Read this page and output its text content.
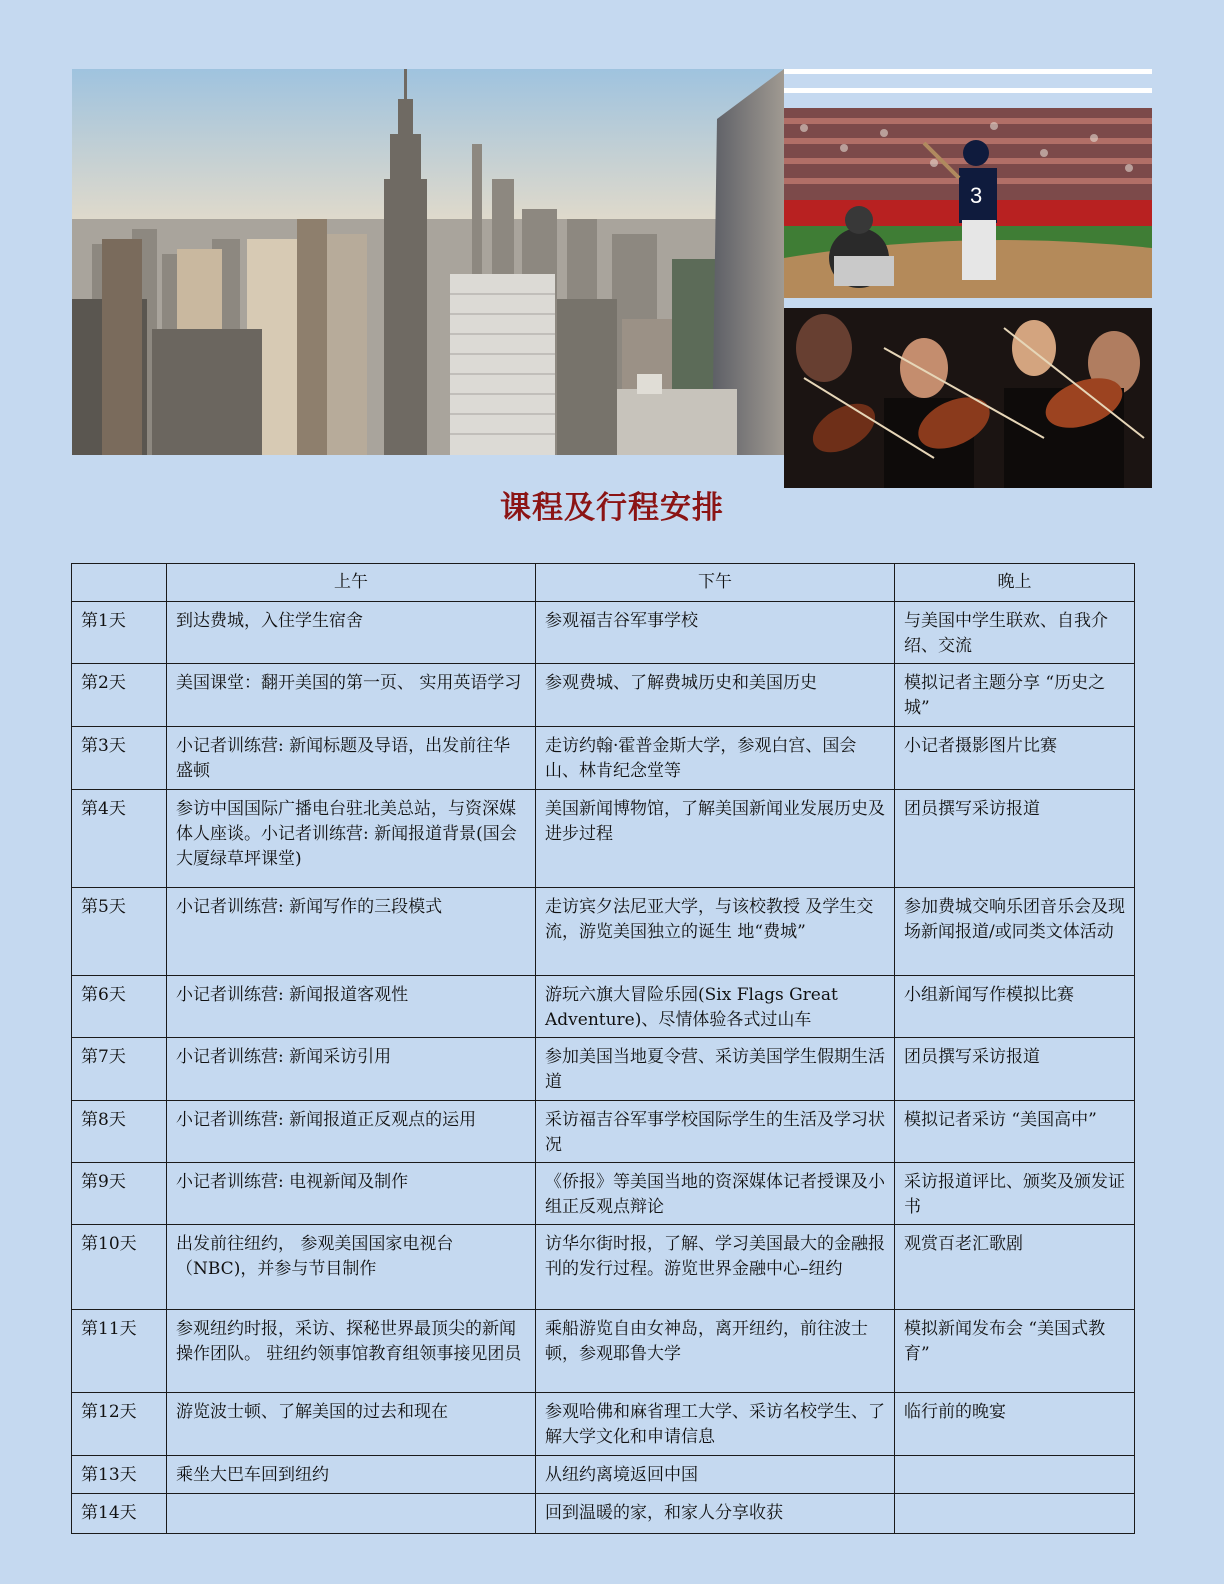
3
课程及行程安排
	上午	下午	晚上
第1天	到达费城，入住学生宿舍	参观福吉谷军事学校	与美国中学生联欢、自我介绍、交流
第2天	美国课堂：翻开美国的第一页、 实用英语学习	参观费城、了解费城历史和美国历史	模拟记者主题分享 “历史之城”
第3天	小记者训练营: 新闻标题及导语，出发前往华盛顿	走访约翰·霍普金斯大学，参观白宫、国会山、林肯纪念堂等	小记者摄影图片比赛
第4天	参访中国国际广播电台驻北美总站，与资深媒体人座谈。小记者训练营: 新闻报道背景(国会大厦绿草坪课堂)	美国新闻博物馆，了解美国新闻业发展历史及进步过程	团员撰写采访报道
第5天	小记者训练营: 新闻写作的三段模式	走访宾夕法尼亚大学，与该校教授 及学生交流，游览美国独立的诞生 地“费城”	参加费城交响乐团音乐会及现场新闻报道/或同类文体活动
第6天	小记者训练营: 新闻报道客观性	游玩六旗大冒险乐园(Six Flags Great Adventure)、尽情体验各式过山车	小组新闻写作模拟比赛
第7天	小记者训练营: 新闻采访引用	参加美国当地夏令营、采访美国学生假期生活道	团员撰写采访报道
第8天	小记者训练营: 新闻报道正反观点的运用	采访福吉谷军事学校国际学生的生活及学习状况	模拟记者采访 “美国高中”
第9天	小记者训练营: 电视新闻及制作	《侨报》等美国当地的资深媒体记者授课及小组正反观点辩论	采访报道评比、颁奖及颁发证书
第10天	出发前往纽约， 参观美国国家电视台（NBC)，并参与节目制作	访华尔街时报，了解、学习美国最大的金融报刊的发行过程。游览世界金融中心–纽约	观赏百老汇歌剧
第11天	参观纽约时报，采访、探秘世界最顶尖的新闻操作团队。 驻纽约领事馆教育组领事接见团员	乘船游览自由女神岛，离开纽约，前往波士顿，参观耶鲁大学	模拟新闻发布会 “美国式教育”
第12天	游览波士顿、了解美国的过去和现在	参观哈佛和麻省理工大学、采访名校学生、了解大学文化和申请信息	临行前的晚宴
第13天	乘坐大巴车回到纽约	从纽约离境返回中国	
第14天		回到温暖的家，和家人分享收获	
